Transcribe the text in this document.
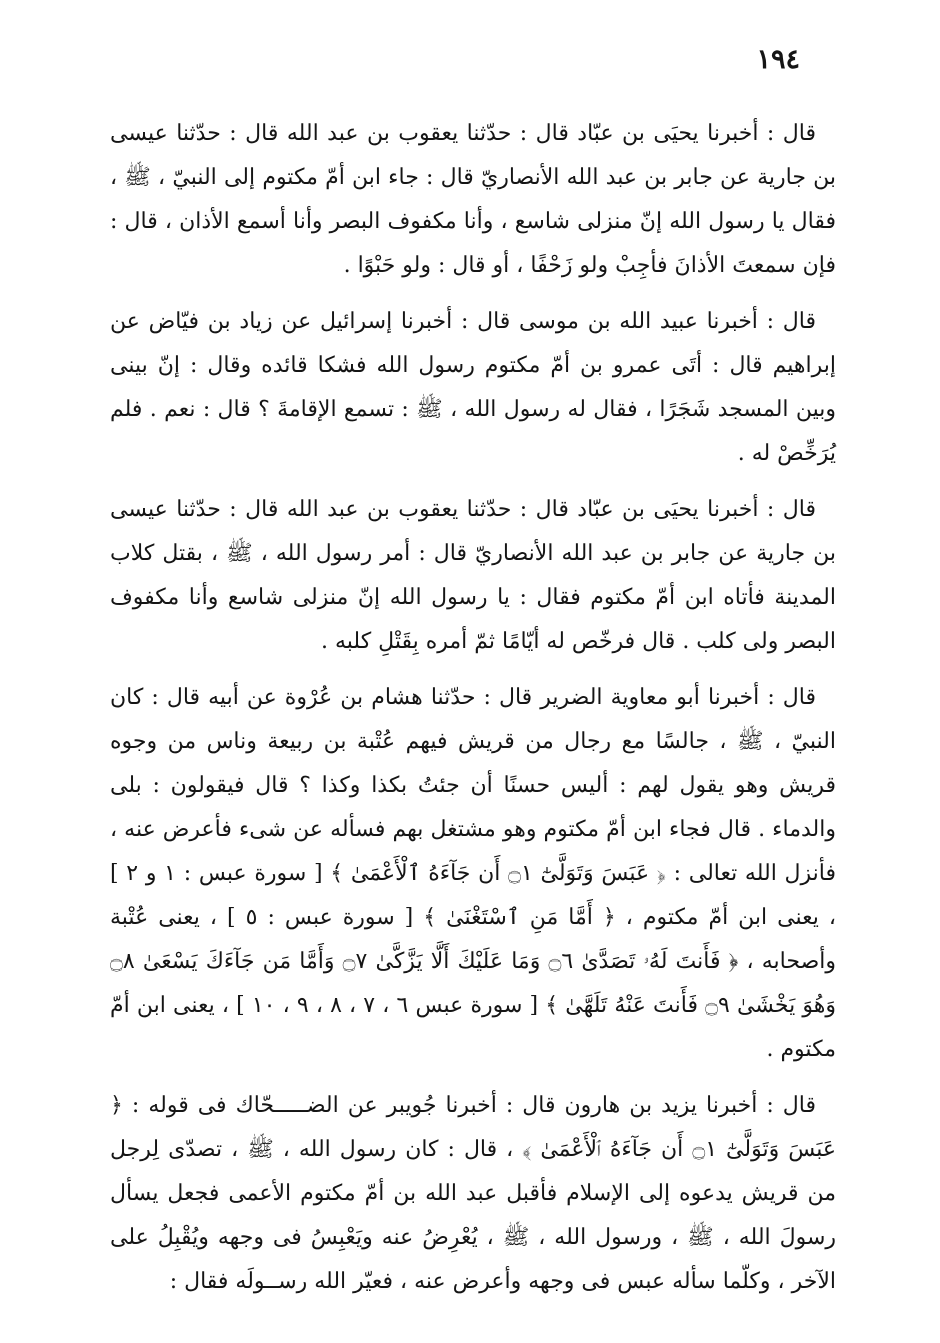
١٩٤

قال : أخبرنا يحيَى بن عبّاد قال : حدّثنا يعقوب بن عبد الله قال : حدّثنا عيسى بن جارية عن جابر بن عبد الله الأنصاريّ قال : جاء ابن أمّ مكتوم إلى النبيّ ، ﷺ ، فقال يا رسول الله إنّ منزلى شاسع ، وأنا مكفوف البصر وأنا أسمع الأذان ، قال : فإن سمعتَ الأذانَ فأجِبْ ولو زَحْفًا ، أو قال : ولو حَبْوًا .

قال : أخبرنا عبيد الله بن موسى قال : أخبرنا إسرائيل عن زياد بن فيّاض عن إبراهيم قال : أتَى عمرو بن أمّ مكتوم رسول الله فشكا قائده وقال : إنّ بينى وبين المسجد شَجَرًا ، فقال له رسول الله ، ﷺ : تسمع الإقامةَ ؟ قال : نعم . فلم يُرَخِّصْ له .

قال : أخبرنا يحيَى بن عبّاد قال : حدّثنا يعقوب بن عبد الله قال : حدّثنا عيسى بن جارية عن جابر بن عبد الله الأنصاريّ قال : أمر رسول الله ، ﷺ ، بقتل كلاب المدينة فأتاه ابن أمّ مكتوم فقال : يا رسول الله إنّ منزلى شاسع وأنا مكفوف البصر ولى كلب . قال فرخّص له أيّامًا ثمّ أمره بِقَتْلِ كلبه .

قال : أخبرنا أبو معاوية الضرير قال : حدّثنا هشام بن عُرْوة عن أبيه قال : كان النبيّ ، ﷺ ، جالسًا مع رجال من قريش فيهم عُتْبة بن ربيعة وناس من وجوه قريش وهو يقول لهم : أليس حسنًا أن جئتُ بكذا وكذا ؟ قال فيقولون : بلى والدماء . قال فجاء ابن أمّ مكتوم وهو مشتغل بهم فسأله عن شىء فأعرض عنه ، فأنزل الله تعالى : ﴿ عَبَسَ وَتَوَلَّىٰٓ ۝١ أَن جَآءَهُ ٱلْأَعْمَىٰ ﴾ [ سورة عبس : ١ و ٢ ] ، يعنى ابن أمّ مكتوم ، ﴿ أَمَّا مَنِ ٱسْتَغْنَىٰ ﴾ [ سورة عبس : ٥ ] ، يعنى عُتْبة وأصحابه ، ﴿ فَأَنتَ لَهُۥ تَصَدَّىٰ ۝٦ وَمَا عَلَيْكَ أَلَّا يَزَّكَّىٰ ۝٧ وَأَمَّا مَن جَآءَكَ يَسْعَىٰ ۝٨ وَهُوَ يَخْشَىٰ ۝٩ فَأَنتَ عَنْهُ تَلَهَّىٰ ﴾ [ سورة عبس ٦ ، ٧ ، ٨ ، ٩ ، ١٠ ] ، يعنى ابن أمّ مكتوم .

قال : أخبرنا يزيد بن هارون قال : أخبرنا جُويبر عن الضـــــحّاك فى قوله : ﴿ عَبَسَ وَتَوَلَّىٰٓ ۝١ أَن جَآءَهُ ٱلْأَعْمَىٰ ﴾ ، قال : كان رسول الله ، ﷺ ، تصدّى لِرجل من قريش يدعوه إلى الإسلام فأقبل عبد الله بن أمّ مكتوم الأعمى فجعل يسأل رسولَ الله ، ﷺ ، ورسول الله ، ﷺ ، يُعْرِضُ عنه ويَعْبِسُ فى وجهه ويُقْبِلُ على الآخر ، وكلّما سأله عبس فى وجهه وأعرض عنه ، فعيّر الله رســولَه فقال :
